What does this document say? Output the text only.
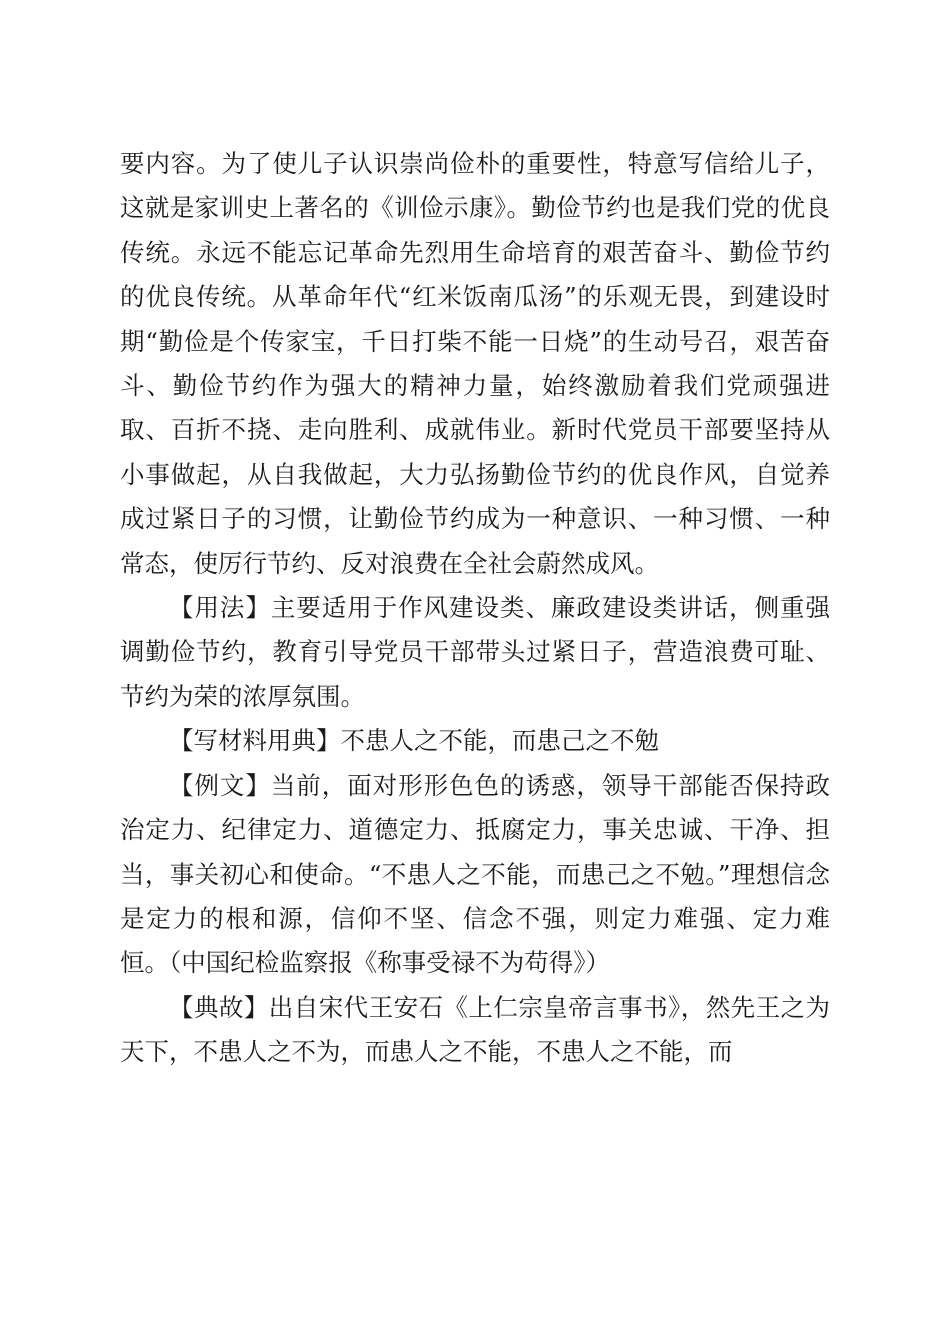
要内容。为了使儿子认识崇尚俭朴的重要性，特意写信给儿子，这就是家训史上著名的《训俭示康》。勤俭节约也是我们党的优良传统。永远不能忘记革命先烈用生命培育的艰苦奋斗、勤俭节约的优良传统。从革命年代“红米饭南瓜汤”的乐观无畏，到建设时期“勤俭是个传家宝，千日打柴不能一日烧”的生动号召，艰苦奋斗、勤俭节约作为强大的精神力量，始终激励着我们党顽强进取、百折不挠、走向胜利、成就伟业。新时代党员干部要坚持从小事做起，从自我做起，大力弘扬勤俭节约的优良作风，自觉养成过紧日子的习惯，让勤俭节约成为一种意识、一种习惯、一种常态，使厉行节约、反对浪费在全社会蔚然成风。

【用法】主要适用于作风建设类、廉政建设类讲话，侧重强调勤俭节约，教育引导党员干部带头过紧日子，营造浪费可耻、节约为荣的浓厚氛围。

【写材料用典】不患人之不能，而患己之不勉

【例文】当前，面对形形色色的诱惑，领导干部能否保持政治定力、纪律定力、道德定力、抵腐定力，事关忠诚、干净、担当，事关初心和使命。“不患人之不能，而患己之不勉。”理想信念是定力的根和源，信仰不坚、信念不强，则定力难强、定力难恒。（中国纪检监察报《称事受禄不为苟得》）

【典故】出自宋代王安石《上仁宗皇帝言事书》，然先王之为天下，不患人之不为，而患人之不能，不患人之不能，而
